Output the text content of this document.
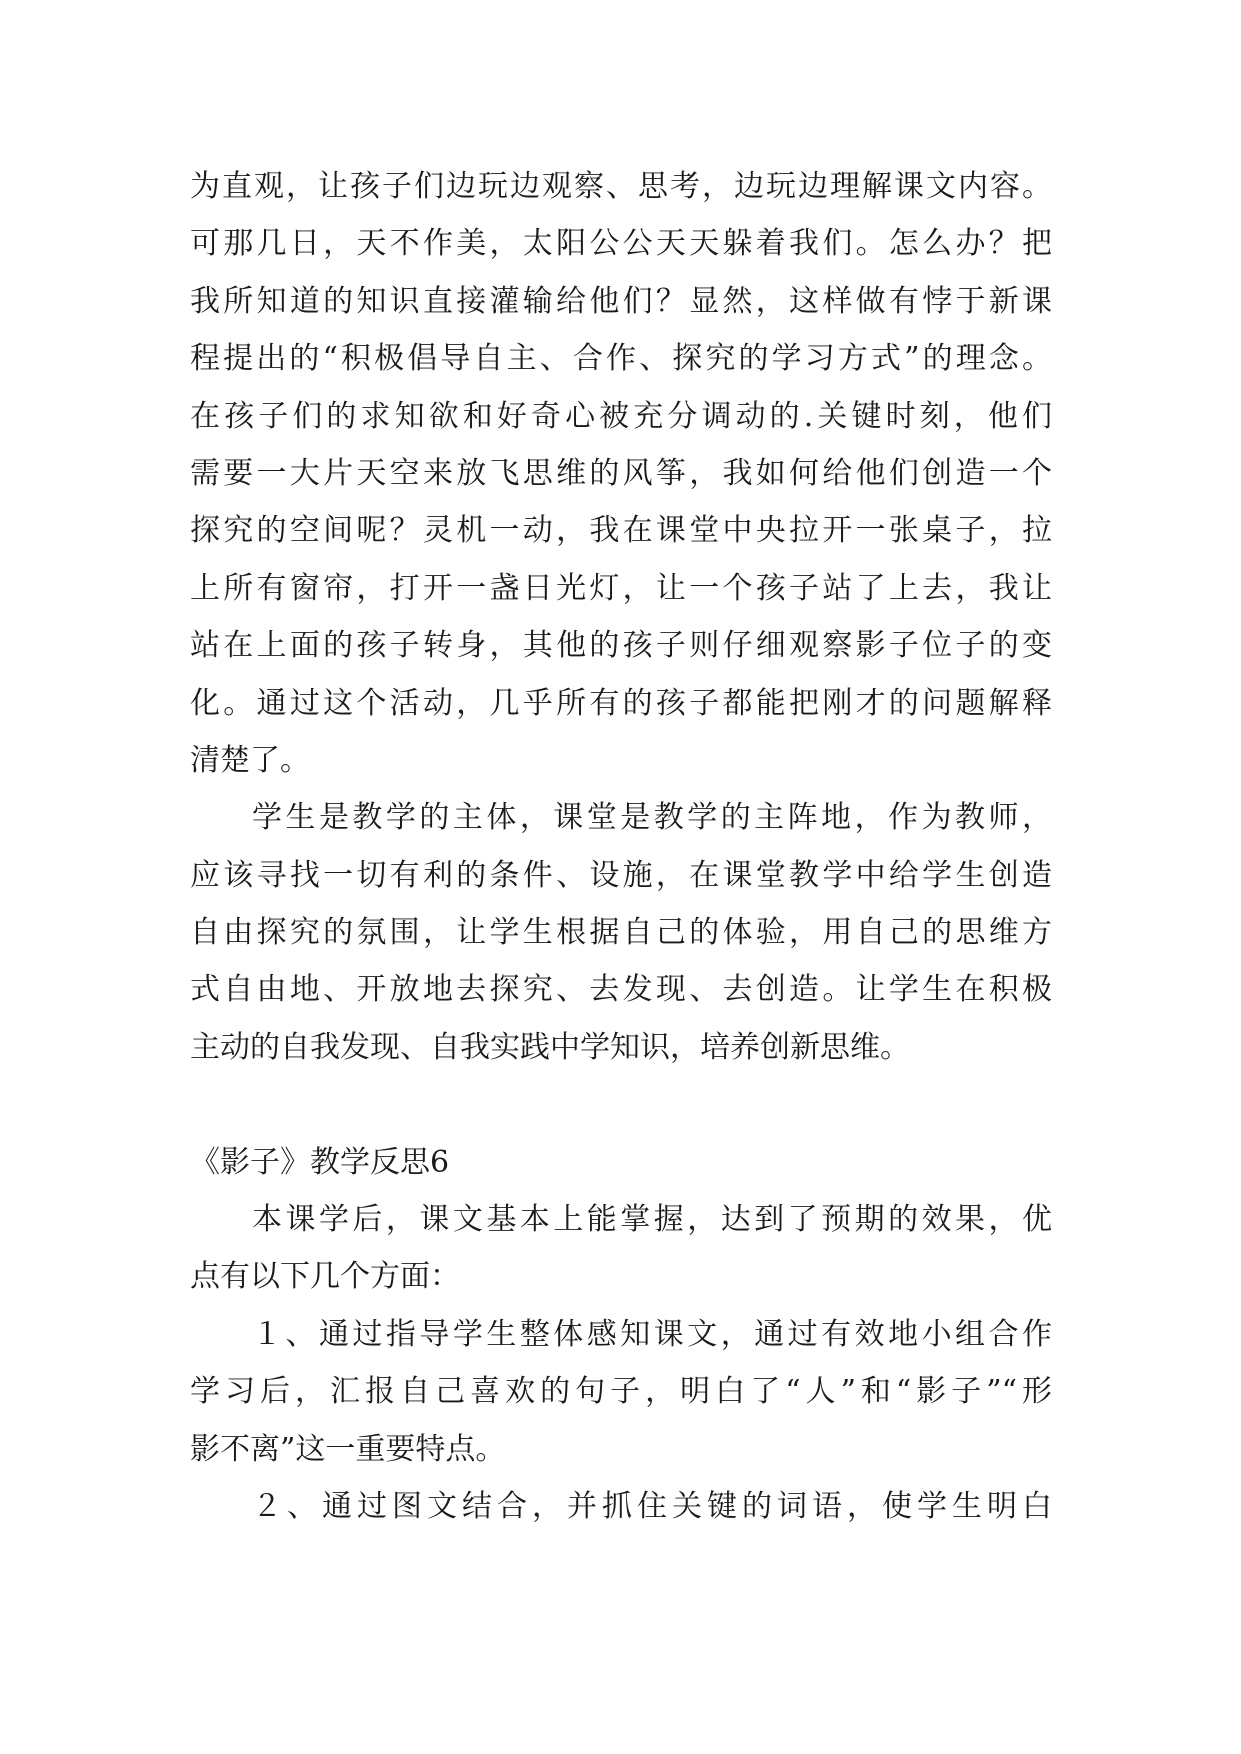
为直观，让孩子们边玩边观察、思考，边玩边理解课文内容。
可那几日，天不作美，太阳公公天天躲着我们。怎么办？把
我所知道的知识直接灌输给他们？显然，这样做有悖于新课
程提出的“积极倡导自主、合作、探究的学习方式”的理念。
在孩子们的求知欲和好奇心被充分调动的.关键时刻，他们
需要一大片天空来放飞思维的风筝，我如何给他们创造一个
探究的空间呢？灵机一动，我在课堂中央拉开一张桌子，拉
上所有窗帘，打开一盏日光灯，让一个孩子站了上去，我让
站在上面的孩子转身，其他的孩子则仔细观察影子位子的变
化。通过这个活动，几乎所有的孩子都能把刚才的问题解释
清楚了。
学生是教学的主体，课堂是教学的主阵地，作为教师，
应该寻找一切有利的条件、设施，在课堂教学中给学生创造
自由探究的氛围，让学生根据自己的体验，用自己的思维方
式自由地、开放地去探究、去发现、去创造。让学生在积极
主动的自我发现、自我实践中学知识，培养创新思维。
《影子》教学反思6
本课学后，课文基本上能掌握，达到了预期的效果，优
点有以下几个方面：
１、通过指导学生整体感知课文，通过有效地小组合作
学习后，汇报自己喜欢的句子，明白了“人”和“影子”“形
影不离”这一重要特点。
２、通过图文结合，并抓住关键的词语，使学生明白
